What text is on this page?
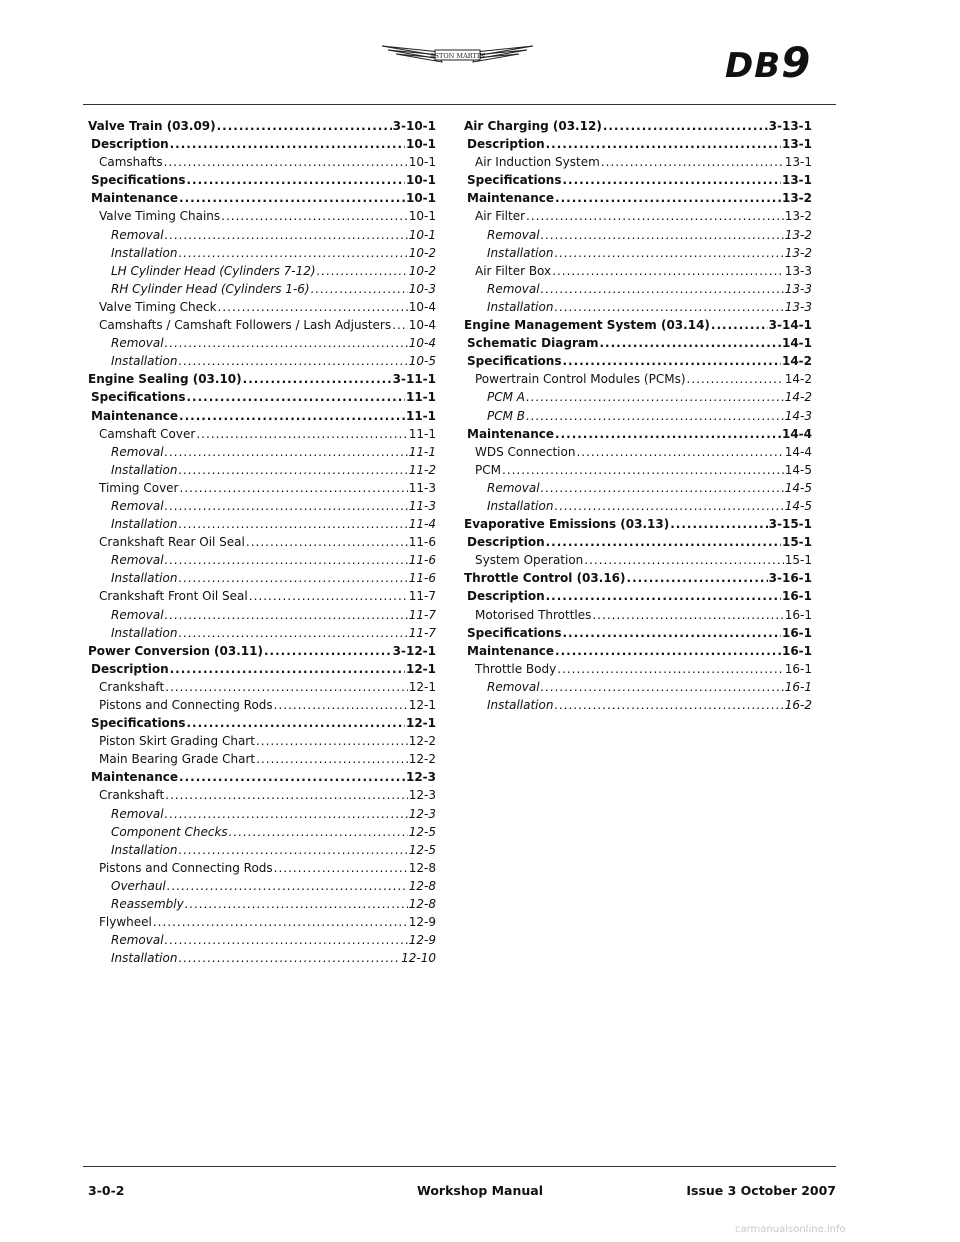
ASTON MARTIN	DB9
Valve Train (03.09) .....	3-10-1
Description .....	10-1
Camshafts .....	10-1
Specifications .....	10-1
Maintenance .....	10-1
Valve Timing Chains .....	10-1
Removal .....	10-1
Installation .....	10-2
LH Cylinder Head (Cylinders 7-12) .....	10-2
RH Cylinder Head (Cylinders 1-6) .....	10-3
Valve Timing Check .....	10-4
Camshafts / Camshaft Followers / Lash Adjusters ..... 10-4
Removal .....	10-4
Installation .....	10-5
Engine Sealing (03.10) .....	3-11-1
Specifications .....	11-1
Maintenance .....	11-1
Camshaft Cover .....	11-1
Removal .....	11-1
Installation .....	11-2
Timing Cover .....	11-3
Removal .....	11-3
Installation .....	11-4
Crankshaft Rear Oil Seal .....	11-6
Removal .....	11-6
Installation .....	11-6
Crankshaft Front Oil Seal .....	11-7
Removal .....	11-7
Installation .....	11-7
Power Conversion (03.11) .....	3-12-1
Description .....	12-1
Crankshaft .....	12-1
Pistons and Connecting Rods .....	12-1
Specifications .....	12-1
Piston Skirt Grading Chart .....	12-2
Main Bearing Grade Chart .....	12-2
Maintenance .....	12-3
Crankshaft .....	12-3
Removal .....	12-3
Component Checks .....	12-5
Installation .....	12-5
Pistons and Connecting Rods .....	12-8
Overhaul .....	12-8
Reassembly .....	12-8
Flywheel .....	12-9
Removal .....	12-9
Installation .....	12-10
Air Charging (03.12) .....	3-13-1
Description .....	13-1
Air Induction System .....	13-1
Specifications .....	13-1
Maintenance .....	13-2
Air Filter .....	13-2
Removal .....	13-2
Installation .....	13-2
Air Filter Box .....	13-3
Removal .....	13-3
Installation .....	13-3
Engine Management System (03.14) .....	3-14-1
Schematic Diagram .....	14-1
Specifications .....	14-2
Powertrain Control Modules (PCMs) .....	14-2
PCM A .....	14-2
PCM B .....	14-3
Maintenance .....	14-4
WDS Connection .....	14-4
PCM .....	14-5
Removal .....	14-5
Installation .....	14-5
Evaporative Emissions (03.13) .....	3-15-1
Description .....	15-1
System Operation .....	15-1
Throttle Control (03.16) .....	3-16-1
Description .....	16-1
Motorised Throttles .....	16-1
Specifications .....	16-1
Maintenance .....	16-1
Throttle Body .....	16-1
Removal .....	16-1
Installation .....	16-2
3-0-2	Workshop Manual	Issue 3 October 2007
carmanualsonline.info
